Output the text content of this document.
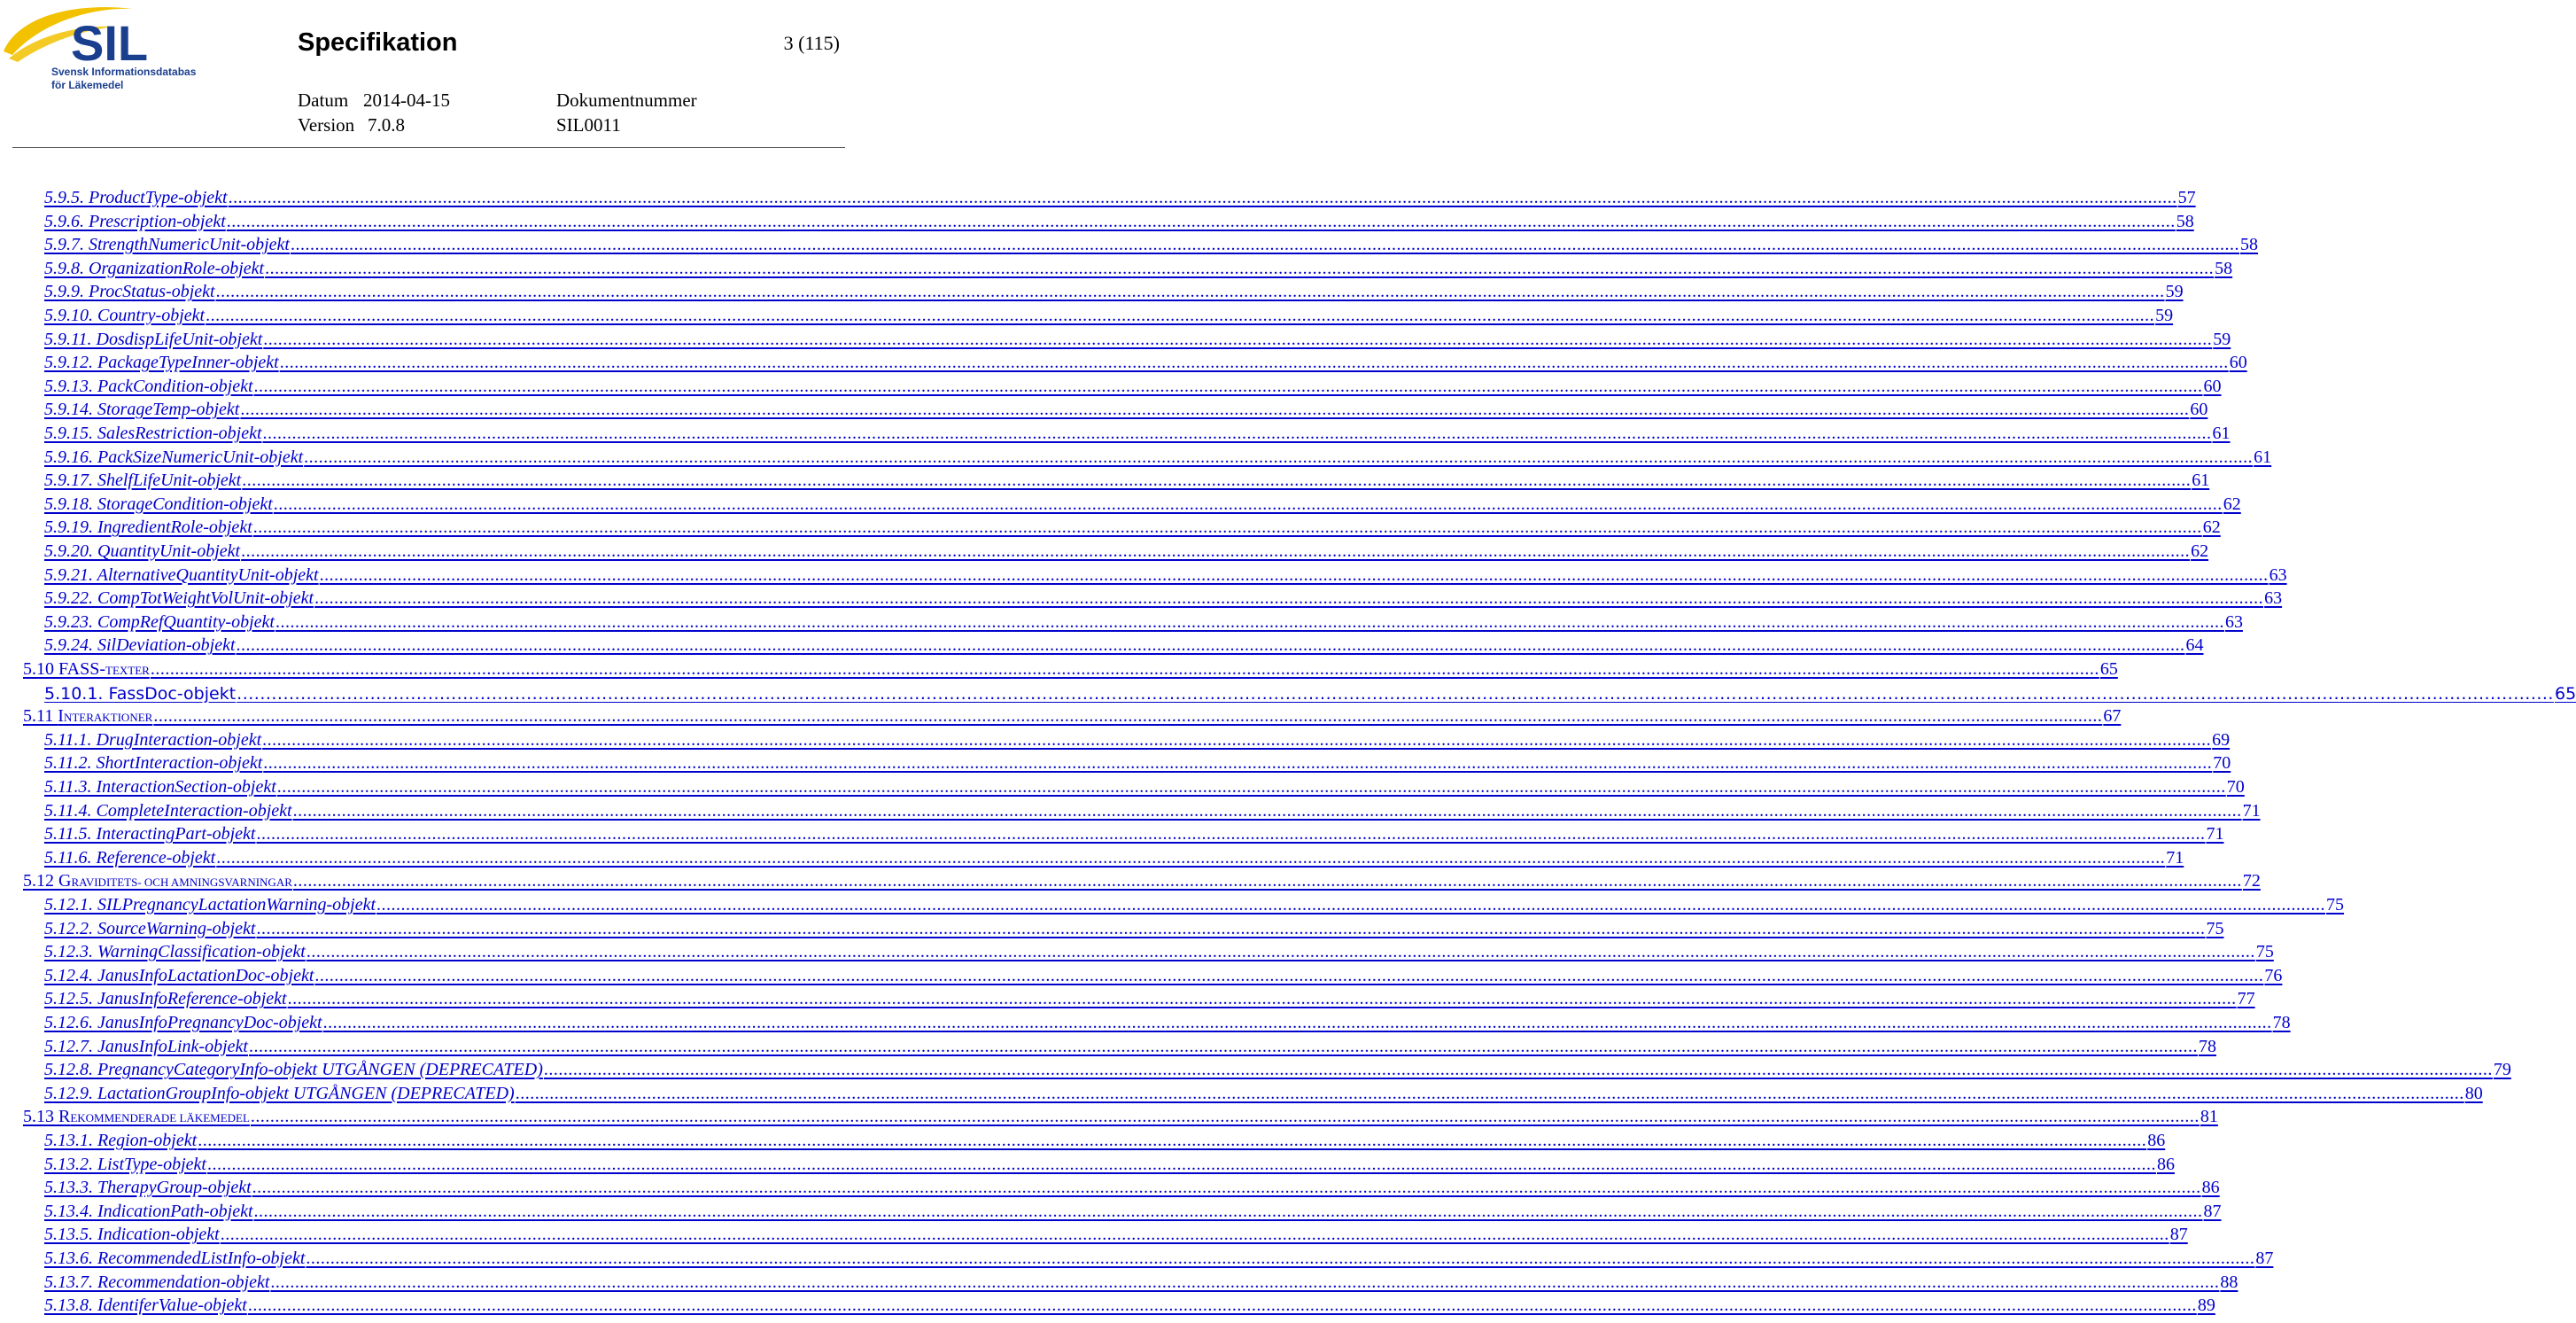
SIL
Svensk Informationsdatabas
för Läkemedel
Specifikation	3 (115)
Datum 2014-04-15
Version 7.0.8
Dokumentnummer
SIL0011
5.9.5. ProductType-objekt ................................................................................................................................................................................................................................................................................................................................................................................................................ 57
5.9.6. Prescription-objekt ................................................................................................................................................................................................................................................................................................................................................................................................................ 58
5.9.7. StrengthNumericUnit-objekt ................................................................................................................................................................................................................................................................................................................................................................................................................ 58
5.9.8. OrganizationRole-objekt ................................................................................................................................................................................................................................................................................................................................................................................................................ 58
5.9.9. ProcStatus-objekt ................................................................................................................................................................................................................................................................................................................................................................................................................ 59
5.9.10. Country-objekt ................................................................................................................................................................................................................................................................................................................................................................................................................ 59
5.9.11. DosdispLifeUnit-objekt ................................................................................................................................................................................................................................................................................................................................................................................................................ 59
5.9.12. PackageTypeInner-objekt ................................................................................................................................................................................................................................................................................................................................................................................................................ 60
5.9.13. PackCondition-objekt ................................................................................................................................................................................................................................................................................................................................................................................................................ 60
5.9.14. StorageTemp-objekt ................................................................................................................................................................................................................................................................................................................................................................................................................ 60
5.9.15. SalesRestriction-objekt ................................................................................................................................................................................................................................................................................................................................................................................................................ 61
5.9.16. PackSizeNumericUnit-objekt ................................................................................................................................................................................................................................................................................................................................................................................................................ 61
5.9.17. ShelfLifeUnit-objekt ................................................................................................................................................................................................................................................................................................................................................................................................................ 61
5.9.18. StorageCondition-objekt ................................................................................................................................................................................................................................................................................................................................................................................................................ 62
5.9.19. IngredientRole-objekt ................................................................................................................................................................................................................................................................................................................................................................................................................ 62
5.9.20. QuantityUnit-objekt ................................................................................................................................................................................................................................................................................................................................................................................................................ 62
5.9.21. AlternativeQuantityUnit-objekt ................................................................................................................................................................................................................................................................................................................................................................................................................ 63
5.9.22. CompTotWeightVolUnit-objekt ................................................................................................................................................................................................................................................................................................................................................................................................................ 63
5.9.23. CompRefQuantity-objekt ................................................................................................................................................................................................................................................................................................................................................................................................................ 63
5.9.24. SilDeviation-objekt ................................................................................................................................................................................................................................................................................................................................................................................................................ 64
5.10 FASS-TEXTER ................................................................................................................................................................................................................................................................................................................................................................................................................ 65
5.10.1. FassDoc-objekt ................................................................................................................................................................................................................................................................................................................................................................................................................ 65
5.11 INTERAKTIONER ................................................................................................................................................................................................................................................................................................................................................................................................................ 67
5.11.1. DrugInteraction-objekt ................................................................................................................................................................................................................................................................................................................................................................................................................ 69
5.11.2. ShortInteraction-objekt ................................................................................................................................................................................................................................................................................................................................................................................................................ 70
5.11.3. InteractionSection-objekt ................................................................................................................................................................................................................................................................................................................................................................................................................ 70
5.11.4. CompleteInteraction-objekt ................................................................................................................................................................................................................................................................................................................................................................................................................ 71
5.11.5. InteractingPart-objekt ................................................................................................................................................................................................................................................................................................................................................................................................................ 71
5.11.6. Reference-objekt ................................................................................................................................................................................................................................................................................................................................................................................................................ 71
5.12 GRAVIDITETS- OCH AMNINGSVARNINGAR ................................................................................................................................................................................................................................................................................................................................................................................................................ 72
5.12.1. SILPregnancyLactationWarning-objekt ................................................................................................................................................................................................................................................................................................................................................................................................................ 75
5.12.2. SourceWarning-objekt ................................................................................................................................................................................................................................................................................................................................................................................................................ 75
5.12.3. WarningClassification-objekt ................................................................................................................................................................................................................................................................................................................................................................................................................ 75
5.12.4. JanusInfoLactationDoc-objekt ................................................................................................................................................................................................................................................................................................................................................................................................................ 76
5.12.5. JanusInfoReference-objekt ................................................................................................................................................................................................................................................................................................................................................................................................................ 77
5.12.6. JanusInfoPregnancyDoc-objekt ................................................................................................................................................................................................................................................................................................................................................................................................................ 78
5.12.7. JanusInfoLink-objekt ................................................................................................................................................................................................................................................................................................................................................................................................................ 78
5.12.8. PregnancyCategoryInfo-objekt UTGÅNGEN (DEPRECATED) ................................................................................................................................................................................................................................................................................................................................................................................................................ 79
5.12.9. LactationGroupInfo-objekt UTGÅNGEN (DEPRECATED) ................................................................................................................................................................................................................................................................................................................................................................................................................ 80
5.13 REKOMMENDERADE LÄKEMEDEL ................................................................................................................................................................................................................................................................................................................................................................................................................ 81
5.13.1. Region-objekt ................................................................................................................................................................................................................................................................................................................................................................................................................ 86
5.13.2. ListType-objekt ................................................................................................................................................................................................................................................................................................................................................................................................................ 86
5.13.3. TherapyGroup-objekt ................................................................................................................................................................................................................................................................................................................................................................................................................ 86
5.13.4. IndicationPath-objekt ................................................................................................................................................................................................................................................................................................................................................................................................................ 87
5.13.5. Indication-objekt ................................................................................................................................................................................................................................................................................................................................................................................................................ 87
5.13.6. RecommendedListInfo-objekt ................................................................................................................................................................................................................................................................................................................................................................................................................ 87
5.13.7. Recommendation-objekt ................................................................................................................................................................................................................................................................................................................................................................................................................ 88
5.13.8. IdentiferValue-objekt ................................................................................................................................................................................................................................................................................................................................................................................................................ 89
